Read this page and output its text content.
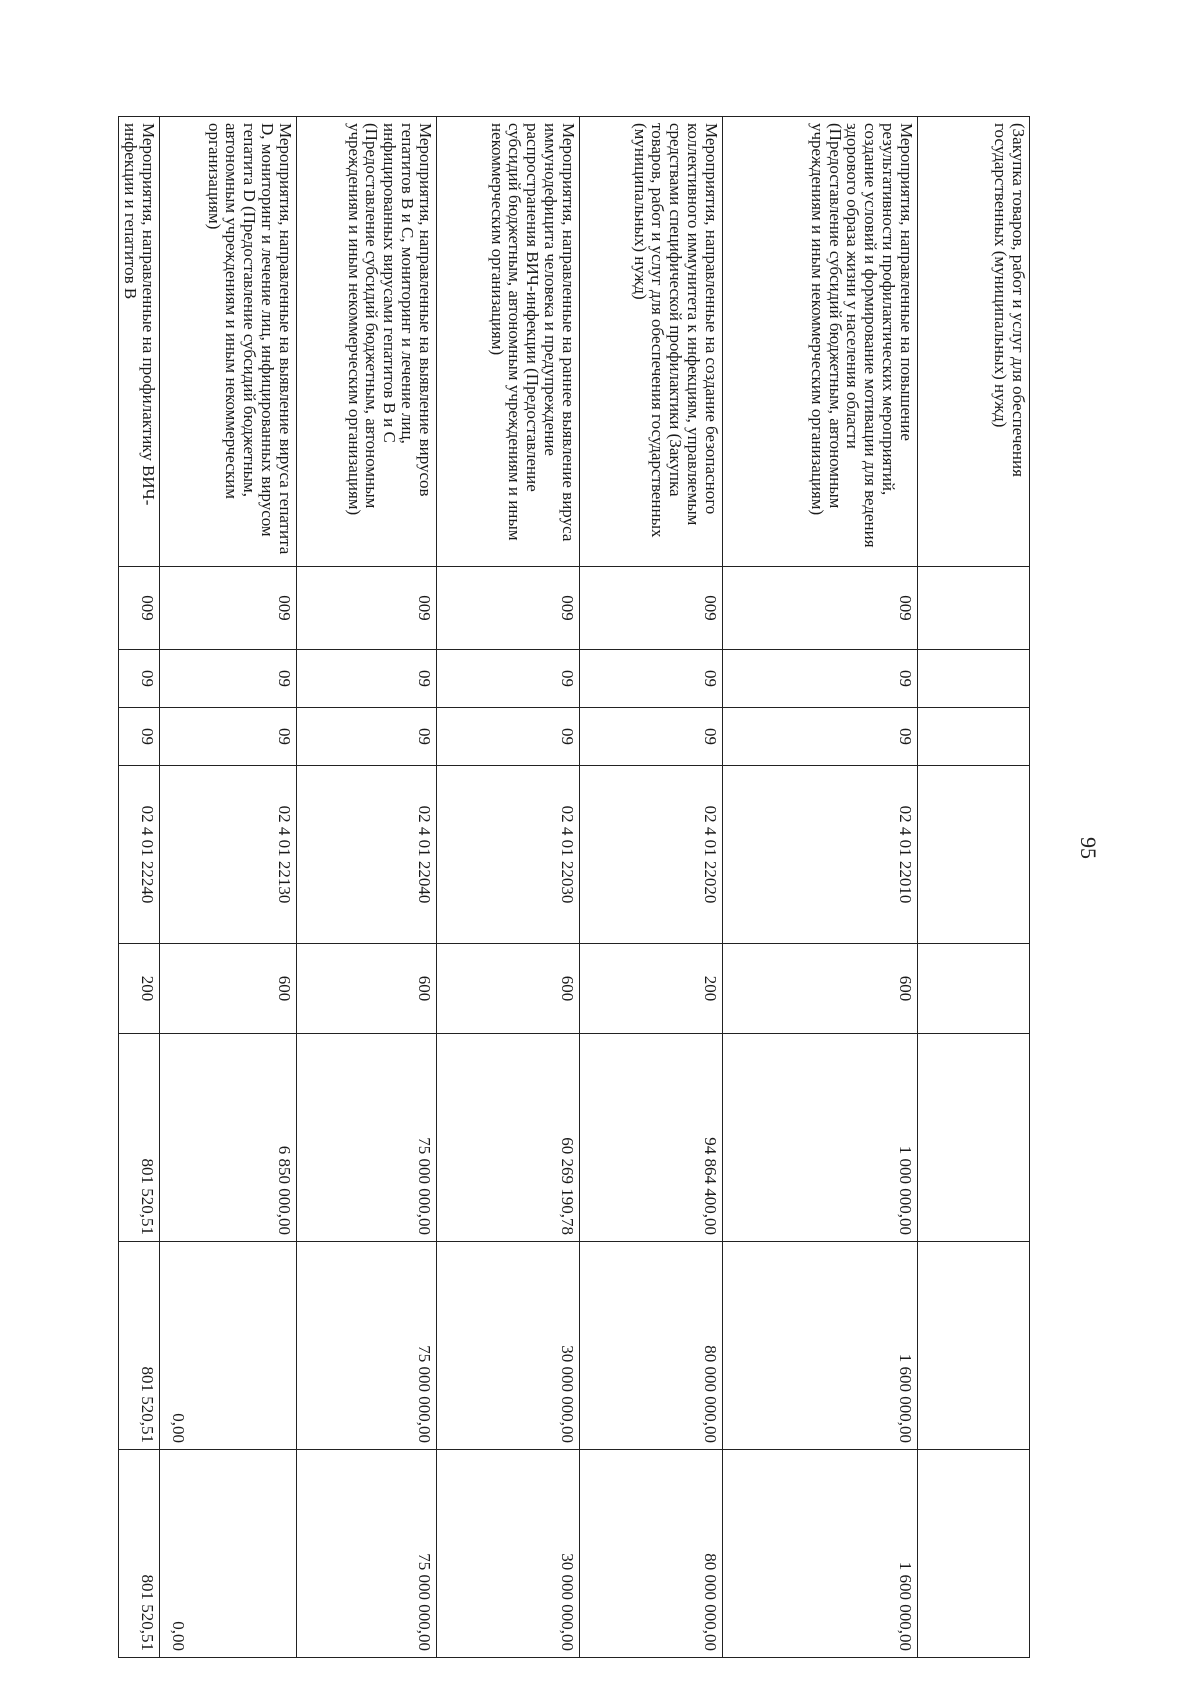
95
(Закупка товаров, работ и услуг для обеспечения государственных (муниципальных) нужд)								
Мероприятия, направленные на повышение результативности профилактических мероприятий, создание условий и формирование мотивации для ведения здорового образа жизни у населения области (Предоставление субсидий бюджетным, автономным учреждениям и иным некоммерческим организациям)	009	09	09	02 4 01 22010	600	1 000 000,00	1 600 000,00	1 600 000,00
Мероприятия, направленные на создание безопасного коллективного иммунитета к инфекциям, управляемым средствами специфической профилактики (Закупка товаров, работ и услуг для обеспечения государственных (муниципальных) нужд)	009	09	09	02 4 01 22020	200	94 864 400,00	80 000 000,00	80 000 000,00
Мероприятия, направленные на раннее выявление вируса иммунодефицита человека и предупреждение распространения ВИЧ-инфекции (Предоставление субсидий бюджетным, автономным учреждениям и иным некоммерческим организациям)	009	09	09	02 4 01 22030	600	60 269 190,78	30 000 000,00	30 000 000,00
Мероприятия, направленные на выявление вирусов гепатитов В и С, мониторинг и лечение лиц, инфицированных вирусами гепатитов В и С (Предоставление субсидий бюджетным, автономным учреждениям и иным некоммерческим организациям)	009	09	09	02 4 01 22040	600	75 000 000,00	75 000 000,00	75 000 000,00
Мероприятия, направленные на выявление вируса гепатита D, мониторинг и лечение лиц, инфицированных вирусом гепатита D (Предоставление субсидий бюджетным, автономным учреждениям и иным некоммерческим организациям)	009	09	09	02 4 01 22130	600	6 850 000,00	0,00	0,00
Мероприятия, направленные на профилактику ВИЧ-инфекции и гепатитов В	009	09	09	02 4 01 22240	200	801 520,51	801 520,51	801 520,51
